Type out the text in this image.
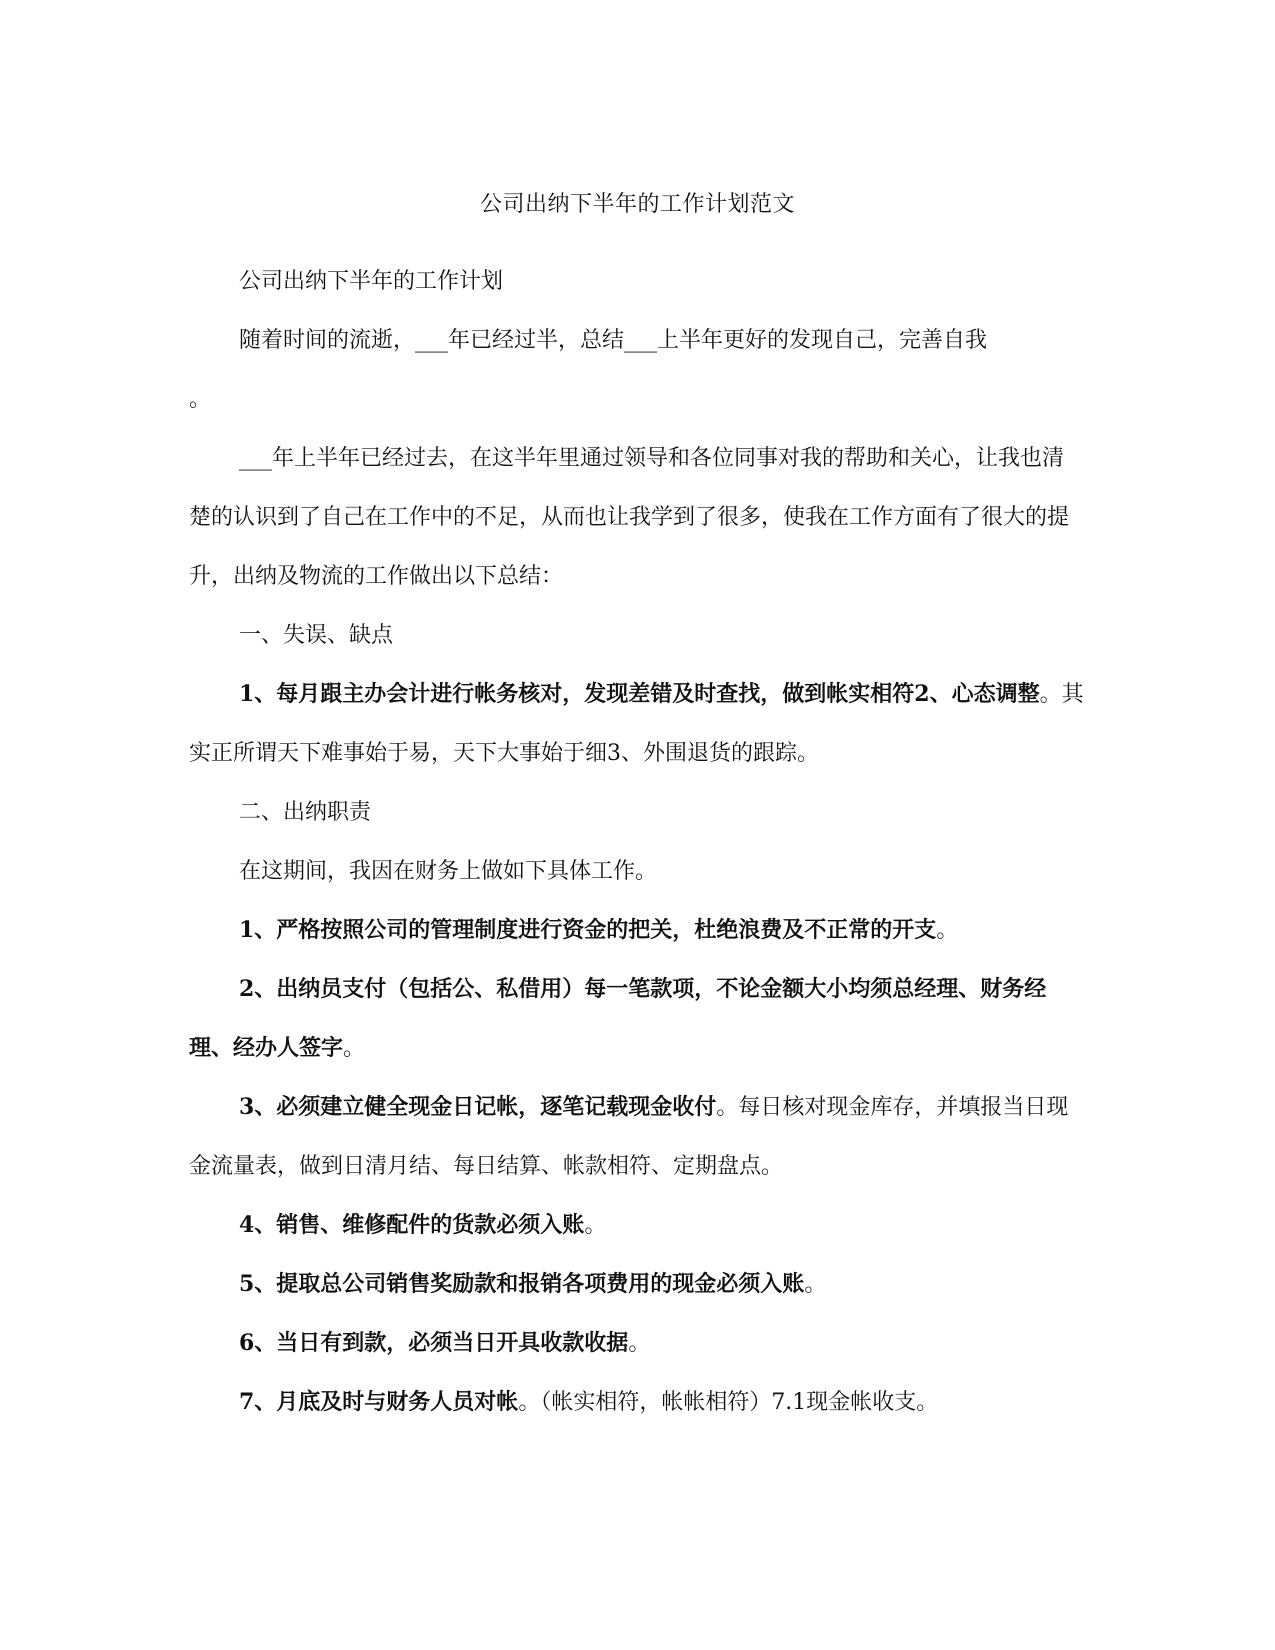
公司出纳下半年的工作计划范文

公司出纳下半年的工作计划

随着时间的流逝，___年已经过半，总结___上半年更好的发现自己，完善自我
。

___年上半年已经过去，在这半年里通过领导和各位同事对我的帮助和关心，让我也清楚的认识到了自己在工作中的不足，从而也让我学到了很多，使我在工作方面有了很大的提升，出纳及物流的工作做出以下总结：

一、失误、缺点

1、每月跟主办会计进行帐务核对，发现差错及时查找，做到帐实相符2、心态调整。其实正所谓天下难事始于易，天下大事始于细3、外围退货的跟踪。

二、出纳职责

在这期间，我因在财务上做如下具体工作。

1、严格按照公司的管理制度进行资金的把关，杜绝浪费及不正常的开支。

2、出纳员支付（包括公、私借用）每一笔款项，不论金额大小均须总经理、财务经理、经办人签字。

3、必须建立健全现金日记帐，逐笔记载现金收付。每日核对现金库存，并填报当日现金流量表，做到日清月结、每日结算、帐款相符、定期盘点。

4、销售、维修配件的货款必须入账。

5、提取总公司销售奖励款和报销各项费用的现金必须入账。

6、当日有到款，必须当日开具收款收据。

7、月底及时与财务人员对帐。（帐实相符，帐帐相符）7.1现金帐收支。
